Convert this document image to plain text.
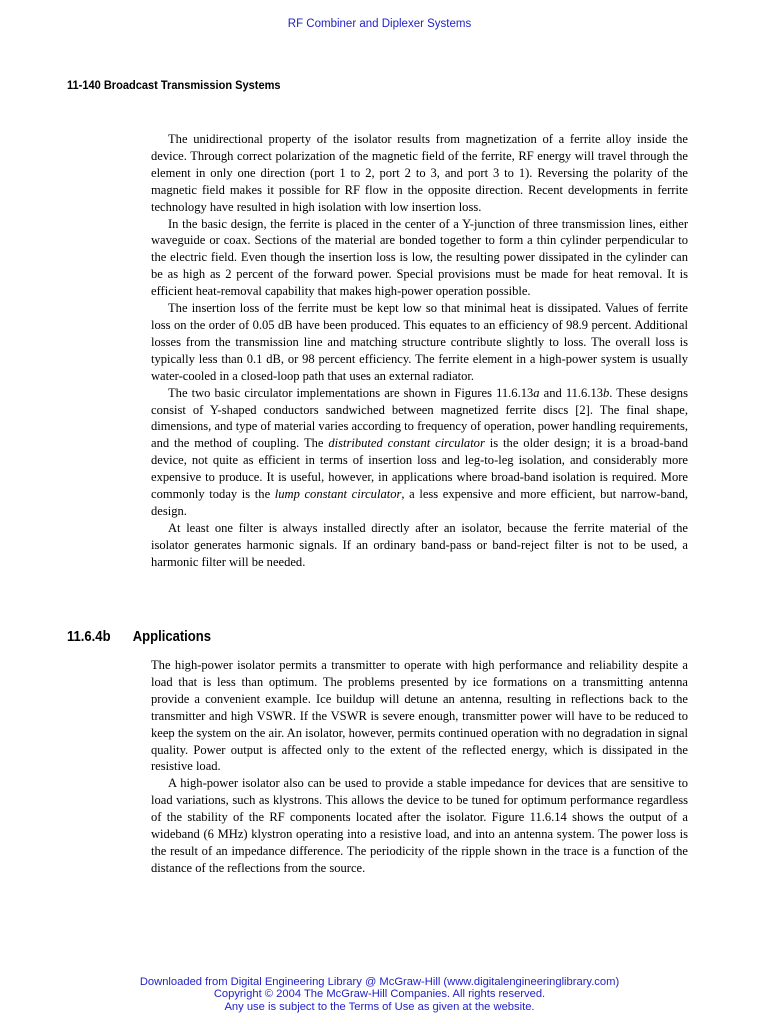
RF Combiner and Diplexer Systems
11-140 Broadcast Transmission Systems

The unidirectional property of the isolator results from magnetization of a ferrite alloy inside the device. Through correct polarization of the magnetic field of the ferrite, RF energy will travel through the element in only one direction (port 1 to 2, port 2 to 3, and port 3 to 1). Reversing the polarity of the magnetic field makes it possible for RF flow in the opposite direction. Recent developments in ferrite technology have resulted in high isolation with low insertion loss.

In the basic design, the ferrite is placed in the center of a Y-junction of three transmission lines, either waveguide or coax. Sections of the material are bonded together to form a thin cylinder perpendicular to the electric field. Even though the insertion loss is low, the resulting power dissipated in the cylinder can be as high as 2 percent of the forward power. Special provisions must be made for heat removal. It is efficient heat-removal capability that makes high-power operation possible.

The insertion loss of the ferrite must be kept low so that minimal heat is dissipated. Values of ferrite loss on the order of 0.05 dB have been produced. This equates to an efficiency of 98.9 percent. Additional losses from the transmission line and matching structure contribute slightly to loss. The overall loss is typically less than 0.1 dB, or 98 percent efficiency. The ferrite element in a high-power system is usually water-cooled in a closed-loop path that uses an external radiator.

The two basic circulator implementations are shown in Figures 11.6.13a and 11.6.13b. These designs consist of Y-shaped conductors sandwiched between magnetized ferrite discs [2]. The final shape, dimensions, and type of material varies according to frequency of operation, power handling requirements, and the method of coupling. The distributed constant circulator is the older design; it is a broad-band device, not quite as efficient in terms of insertion loss and leg-to-leg isolation, and considerably more expensive to produce. It is useful, however, in applications where broad-band isolation is required. More commonly today is the lump constant circulator, a less expensive and more efficient, but narrow-band, design.

At least one filter is always installed directly after an isolator, because the ferrite material of the isolator generates harmonic signals. If an ordinary band-pass or band-reject filter is not to be used, a harmonic filter will be needed.

11.6.4b Applications

The high-power isolator permits a transmitter to operate with high performance and reliability despite a load that is less than optimum. The problems presented by ice formations on a transmitting antenna provide a convenient example. Ice buildup will detune an antenna, resulting in reflections back to the transmitter and high VSWR. If the VSWR is severe enough, transmitter power will have to be reduced to keep the system on the air. An isolator, however, permits continued operation with no degradation in signal quality. Power output is affected only to the extent of the reflected energy, which is dissipated in the resistive load.

A high-power isolator also can be used to provide a stable impedance for devices that are sensitive to load variations, such as klystrons. This allows the device to be tuned for optimum performance regardless of the stability of the RF components located after the isolator. Figure 11.6.14 shows the output of a wideband (6 MHz) klystron operating into a resistive load, and into an antenna system. The power loss is the result of an impedance difference. The periodicity of the ripple shown in the trace is a function of the distance of the reflections from the source.

Downloaded from Digital Engineering Library @ McGraw-Hill (www.digitalengineeringlibrary.com)
Copyright © 2004 The McGraw-Hill Companies. All rights reserved.
Any use is subject to the Terms of Use as given at the website.
